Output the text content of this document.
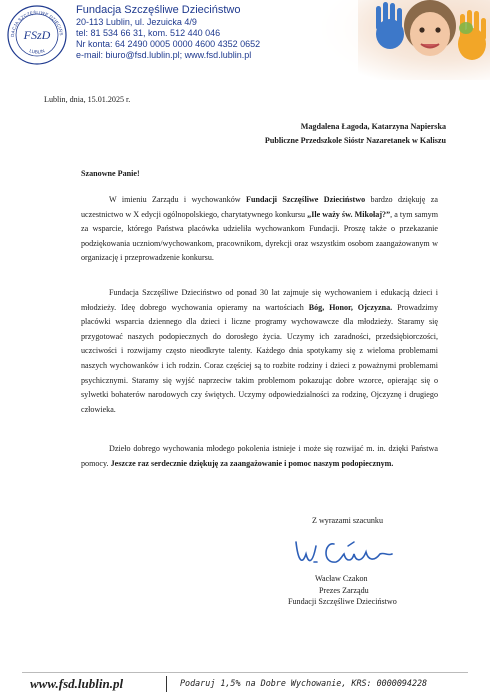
DACJA SZCZĘŚLIWE DZIECIŃS
LUBLIN
FSzD
Fundacja Szczęśliwe Dzieciństwo
20-113 Lublin, ul. Jezuicka 4/9
tel: 81 534 66 31, kom. 512 440 046
Nr konta: 64 2490 0005 0000 4600 4352 0652
e-mail: biuro@fsd.lublin.pl; www.fsd.lublin.pl
Lublin, dnia, 15.01.2025 r.
Magdalena Łagoda, Katarzyna Napierska
Publiczne Przedszkole Sióstr Nazaretanek w Kaliszu
Szanowne Panie!

W imieniu Zarządu i wychowanków Fundacji Szczęśliwe Dzieciństwo bardzo dziękuję za uczestnictwo w X edycji ogólnopolskiego, charytatywnego konkursu „Ile waży św. Mikołaj?”, a tym samym za wsparcie, którego Państwa placówka udzieliła wychowankom Fundacji. Proszę także o przekazanie podziękowania uczniom/wychowankom, pracownikom, dyrekcji oraz wszystkim osobom zaangażowanym w organizację i przeprowadzenie konkursu.

Fundacja Szczęśliwe Dzieciństwo od ponad 30 lat zajmuje się wychowaniem i edukacją dzieci i młodzieży. Ideę dobrego wychowania opieramy na wartościach Bóg, Honor, Ojczyzna. Prowadzimy placówki wsparcia dziennego dla dzieci i liczne programy wychowawcze dla młodzieży. Staramy się przygotować naszych podopiecznych do dorosłego życia. Uczymy ich zaradności, przedsiębiorczości, uczciwości i rozwijamy często nieodkryte talenty. Każdego dnia spotykamy się z wieloma problemami naszych wychowanków i ich rodzin. Coraz częściej są to rozbite rodziny i dzieci z poważnymi problemami psychicznymi. Staramy się wyjść naprzeciw takim problemom pokazując dobre wzorce, opierając się o sylwetki bohaterów narodowych czy świętych. Uczymy odpowiedzialności za rodzinę, Ojczyznę i drugiego człowieka.

Dzieło dobrego wychowania młodego pokolenia istnieje i może się rozwijać m. in. dzięki Państwa pomocy. Jeszcze raz serdecznie dziękuję za zaangażowanie i pomoc naszym podopiecznym.

Z wyrazami szacunku
Wacław Czakon
Prezes Zarządu
Fundacji Szczęśliwe Dzieciństwo
www.fsd.lublin.pl	Podaruj 1,5% na Dobre Wychowanie, KRS: 0000094228
